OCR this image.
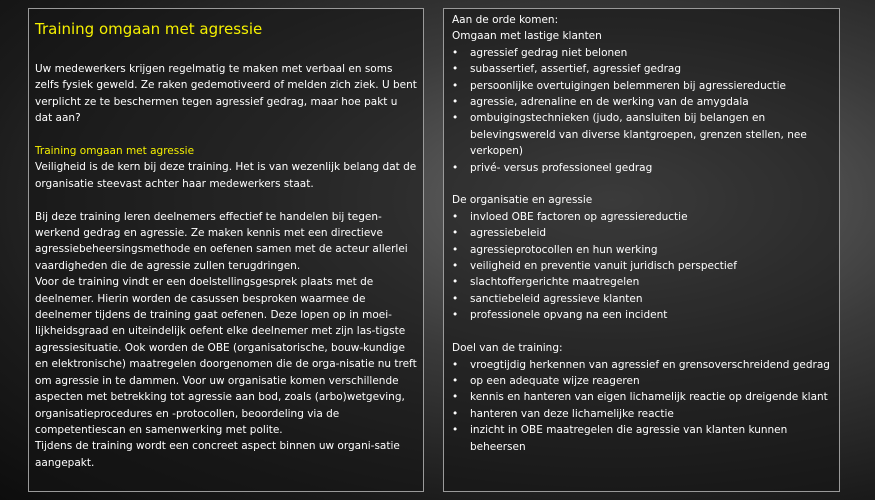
Training omgaan met agressie

Uw medewerkers krijgen regelmatig te maken met verbaal en soms zelfs fysiek geweld. Ze raken gedemotiveerd of melden zich ziek. U bent verplicht ze te beschermen tegen agressief gedrag, maar hoe pakt u dat aan?

Training omgaan met agressie

Veiligheid is de kern bij deze training. Het is van wezenlijk belang dat de organisatie steevast achter haar medewerkers staat.

Bij deze training leren deelnemers effectief te handelen bij tegen-werkend gedrag en agressie. Ze maken kennis met een directieve agressiebeheersingsmethode en oefenen samen met de acteur allerlei vaardigheden die de agressie zullen terugdringen.

Voor de training vindt er een doelstellingsgesprek plaats met de deelnemer. Hierin worden de casussen besproken waarmee de deelnemer tijdens de training gaat oefenen. Deze lopen op in moei-lijkheidsgraad en uiteindelijk oefent elke deelnemer met zijn las-tigste agressiesituatie. Ook worden de OBE (organisatorische, bouw-kundige en elektronische) maatregelen doorgenomen die de orga-nisatie nu treft om agressie in te dammen. Voor uw organisatie komen verschillende aspecten met betrekking tot agressie aan bod, zoals (arbo)wetgeving, organisatieprocedures en -protocollen, beoordeling via de competentiescan en samenwerking met polite.

Tijdens de training wordt een concreet aspect binnen uw organi-satie aangepakt.

Aan de orde komen:
Omgaan met lastige klanten
• agressief gedrag niet belonen
• subassertief, assertief, agressief gedrag
• persoonlijke overtuigingen belemmeren bij agressiereductie
• agressie, adrenaline en de werking van de amygdala
• ombuigingstechnieken (judo, aansluiten bij belangen en belevingswereld van diverse klantgroepen, grenzen stellen, nee verkopen)
• privé- versus professioneel gedrag
De organisatie en agressie
• invloed OBE factoren op agressiereductie
• agressiebeleid
• agressieprotocollen en hun werking
• veiligheid en preventie vanuit juridisch perspectief
• slachtoffergerichte maatregelen
• sanctiebeleid agressieve klanten
• professionele opvang na een incident
Doel van de training:
• vroegtijdig herkennen van agressief en grensoverschreidend gedrag
• op een adequate wijze reageren
• kennis en hanteren van eigen lichamelijk reactie op dreigende klant
• hanteren van deze lichamelijke reactie
• inzicht in OBE maatregelen die agressie van klanten kunnen beheersen
